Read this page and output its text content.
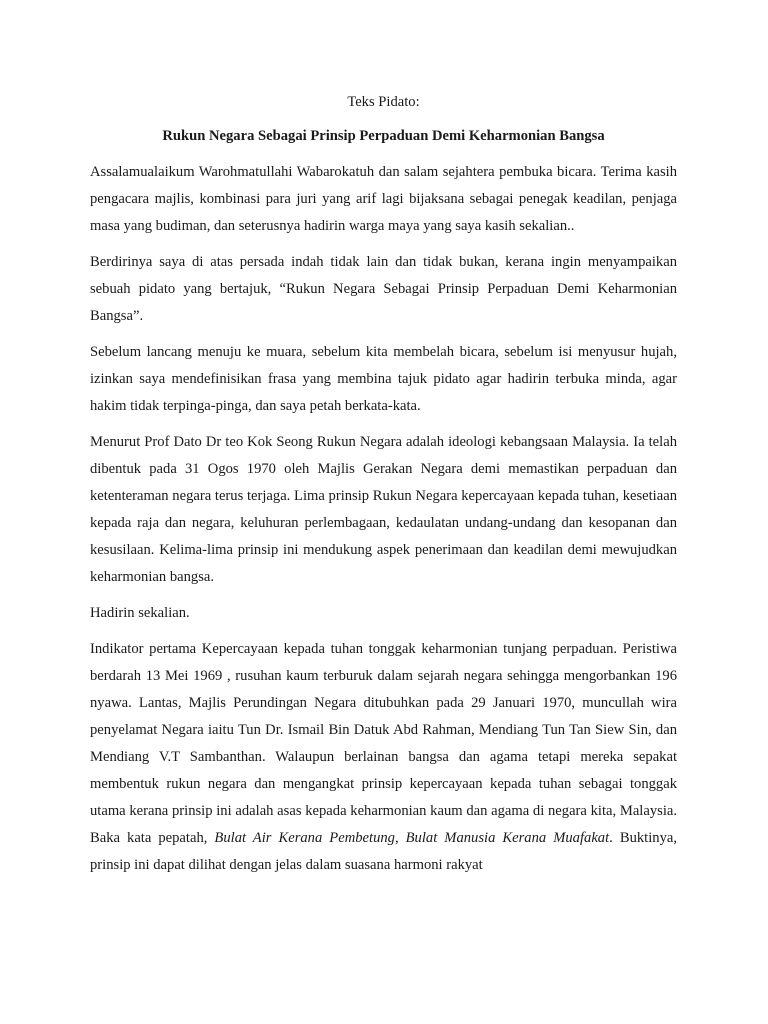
Teks Pidato:

Rukun Negara Sebagai Prinsip Perpaduan Demi Keharmonian Bangsa

Assalamualaikum Warohmatullahi Wabarokatuh dan salam sejahtera pembuka bicara. Terima kasih pengacara majlis, kombinasi para juri yang arif lagi bijaksana sebagai penegak keadilan, penjaga masa yang budiman, dan seterusnya hadirin warga maya yang saya kasih sekalian..

Berdirinya saya di atas persada indah tidak lain dan tidak bukan, kerana ingin menyampaikan sebuah pidato yang bertajuk, “Rukun Negara Sebagai Prinsip Perpaduan Demi Keharmonian Bangsa”.

Sebelum lancang menuju ke muara, sebelum kita membelah bicara, sebelum isi menyusur hujah, izinkan saya mendefinisikan frasa yang membina tajuk pidato agar hadirin terbuka minda, agar hakim tidak terpinga-pinga, dan saya petah berkata-kata.

Menurut Prof Dato Dr teo Kok Seong Rukun Negara adalah ideologi kebangsaan Malaysia. Ia telah dibentuk pada 31 Ogos 1970 oleh Majlis Gerakan Negara demi memastikan perpaduan dan ketenteraman negara terus terjaga. Lima prinsip Rukun Negara kepercayaan kepada tuhan, kesetiaan kepada raja dan negara, keluhuran perlembagaan, kedaulatan undang-undang dan kesopanan dan kesusilaan. Kelima-lima prinsip ini mendukung aspek penerimaan dan keadilan demi mewujudkan keharmonian bangsa.

Hadirin sekalian.

Indikator pertama Kepercayaan kepada tuhan tonggak keharmonian tunjang perpaduan. Peristiwa berdarah 13 Mei 1969 , rusuhan kaum terburuk dalam sejarah negara sehingga mengorbankan 196 nyawa. Lantas, Majlis Perundingan Negara ditubuhkan pada 29 Januari 1970, muncullah wira penyelamat Negara iaitu Tun Dr. Ismail Bin Datuk Abd Rahman, Mendiang Tun Tan Siew Sin, dan Mendiang V.T Sambanthan. Walaupun berlainan bangsa dan agama tetapi mereka sepakat membentuk rukun negara dan mengangkat prinsip kepercayaan kepada tuhan sebagai tonggak utama kerana prinsip ini adalah asas kepada keharmonian kaum dan agama di negara kita, Malaysia. Baka kata pepatah, Bulat Air Kerana Pembetung, Bulat Manusia Kerana Muafakat. Buktinya, prinsip ini dapat dilihat dengan jelas dalam suasana harmoni rakyat
